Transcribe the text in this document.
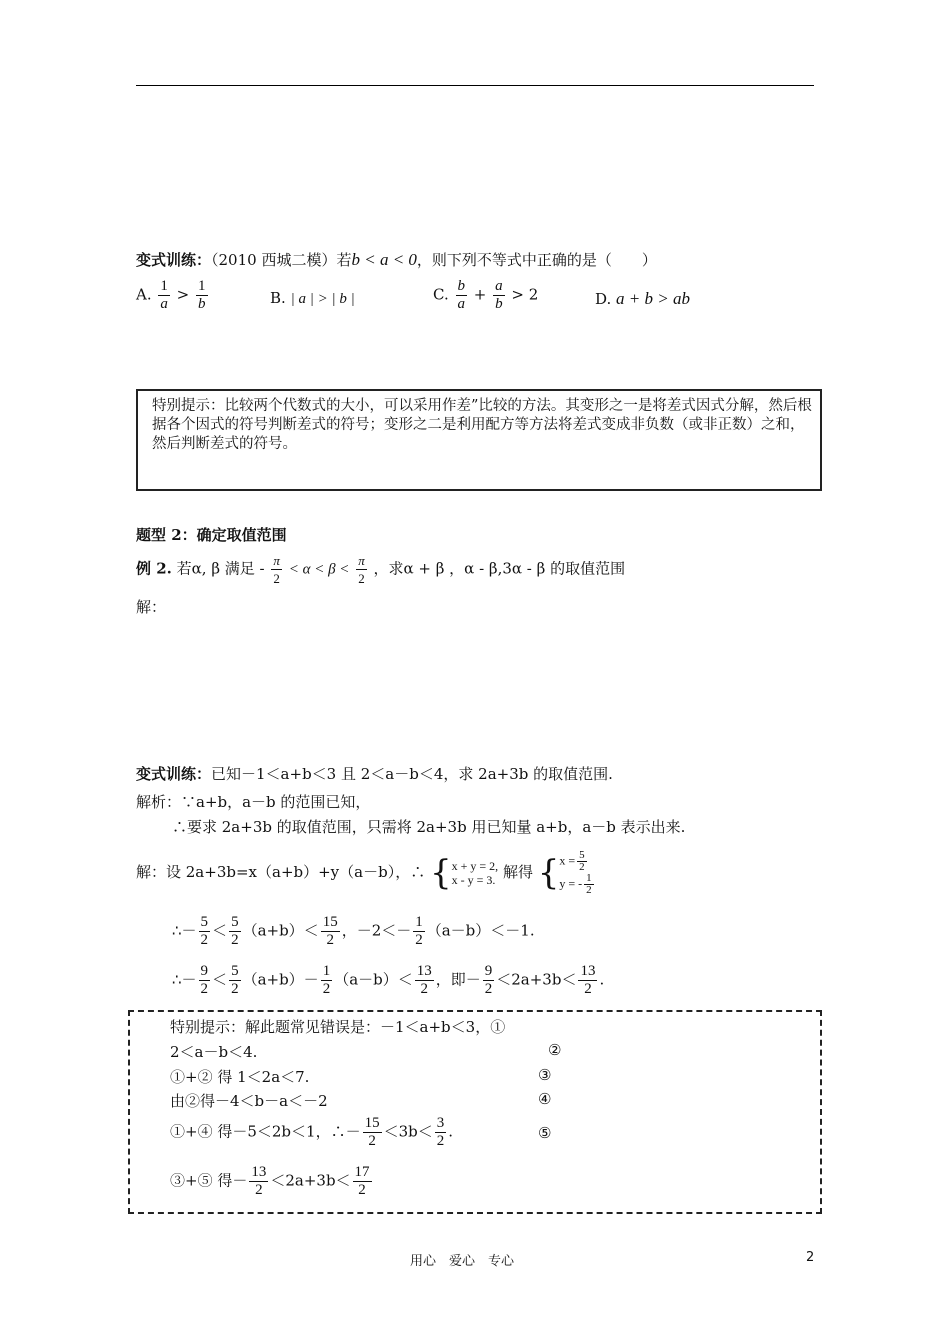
变式训练：（2010 西城二模）若b < a < 0，则下列不等式中正确的是（　　）
A. $\frac{1}{a} > \frac{1}{b}$	B. | a | > | b |	C. $\frac{b}{a} + \frac{a}{b} > 2$	D. a + b > ab

特别提示：比较两个代数式的大小，可以采用作差”比较的方法。其变形之一是将差式因式分解，然后根据各个因式的符号判断差式的符号；变形之二是利用配方等方法将差式变成非负数（或非正数）之和，然后判断差式的符号。

题型 2：确定取值范围
例 2. 若α, β 满足 - $\frac{\pi}{2} < \alpha < \beta < \frac{\pi}{2}$ ，求α + β ，α - β,3α - β 的取值范围
解：
变式训练：已知－1＜a+b＜3 且 2＜a－b＜4，求 2a+3b 的取值范围.
解析：∵a+b，a－b 的范围已知，
∴要求 2a+3b 的取值范围，只需将 2a+3b 用已知量 a+b，a－b 表示出来.
解：设 2a+3b=x（a+b）+y（a－b），∴ { x + y = 2,
x - y = 3. 解得 { $x = \frac{5}{2}$
y = - $\frac{1}{2}$
∴－ $\frac{5}{2} < \frac{5}{2} (a+b)< \frac{15}{2}$ ，$-2<- \frac{1}{2} (a-b)<-1$.
∴－ $\frac{9}{2} < \frac{5}{2} (a+b)- \frac{1}{2} (a-b)< \frac{13}{2}$ ，即－ $\frac{9}{2} <2a+3b< \frac{13}{2}$ .
特别提示：解此题常见错误是：－1＜a+b＜3，①
2＜a－b＜4.	②
①+② 得 1＜2a＜7.	③
由②得－4＜b－a＜－2	④
①+④ 得－5＜2b＜1，∴－ $\frac{15}{2} <3b< \frac{3}{2}$ .	⑤
③+⑤ 得－ $\frac{13}{2} <2a+3b< \frac{17}{2}$
用心　爱心　专心	2
